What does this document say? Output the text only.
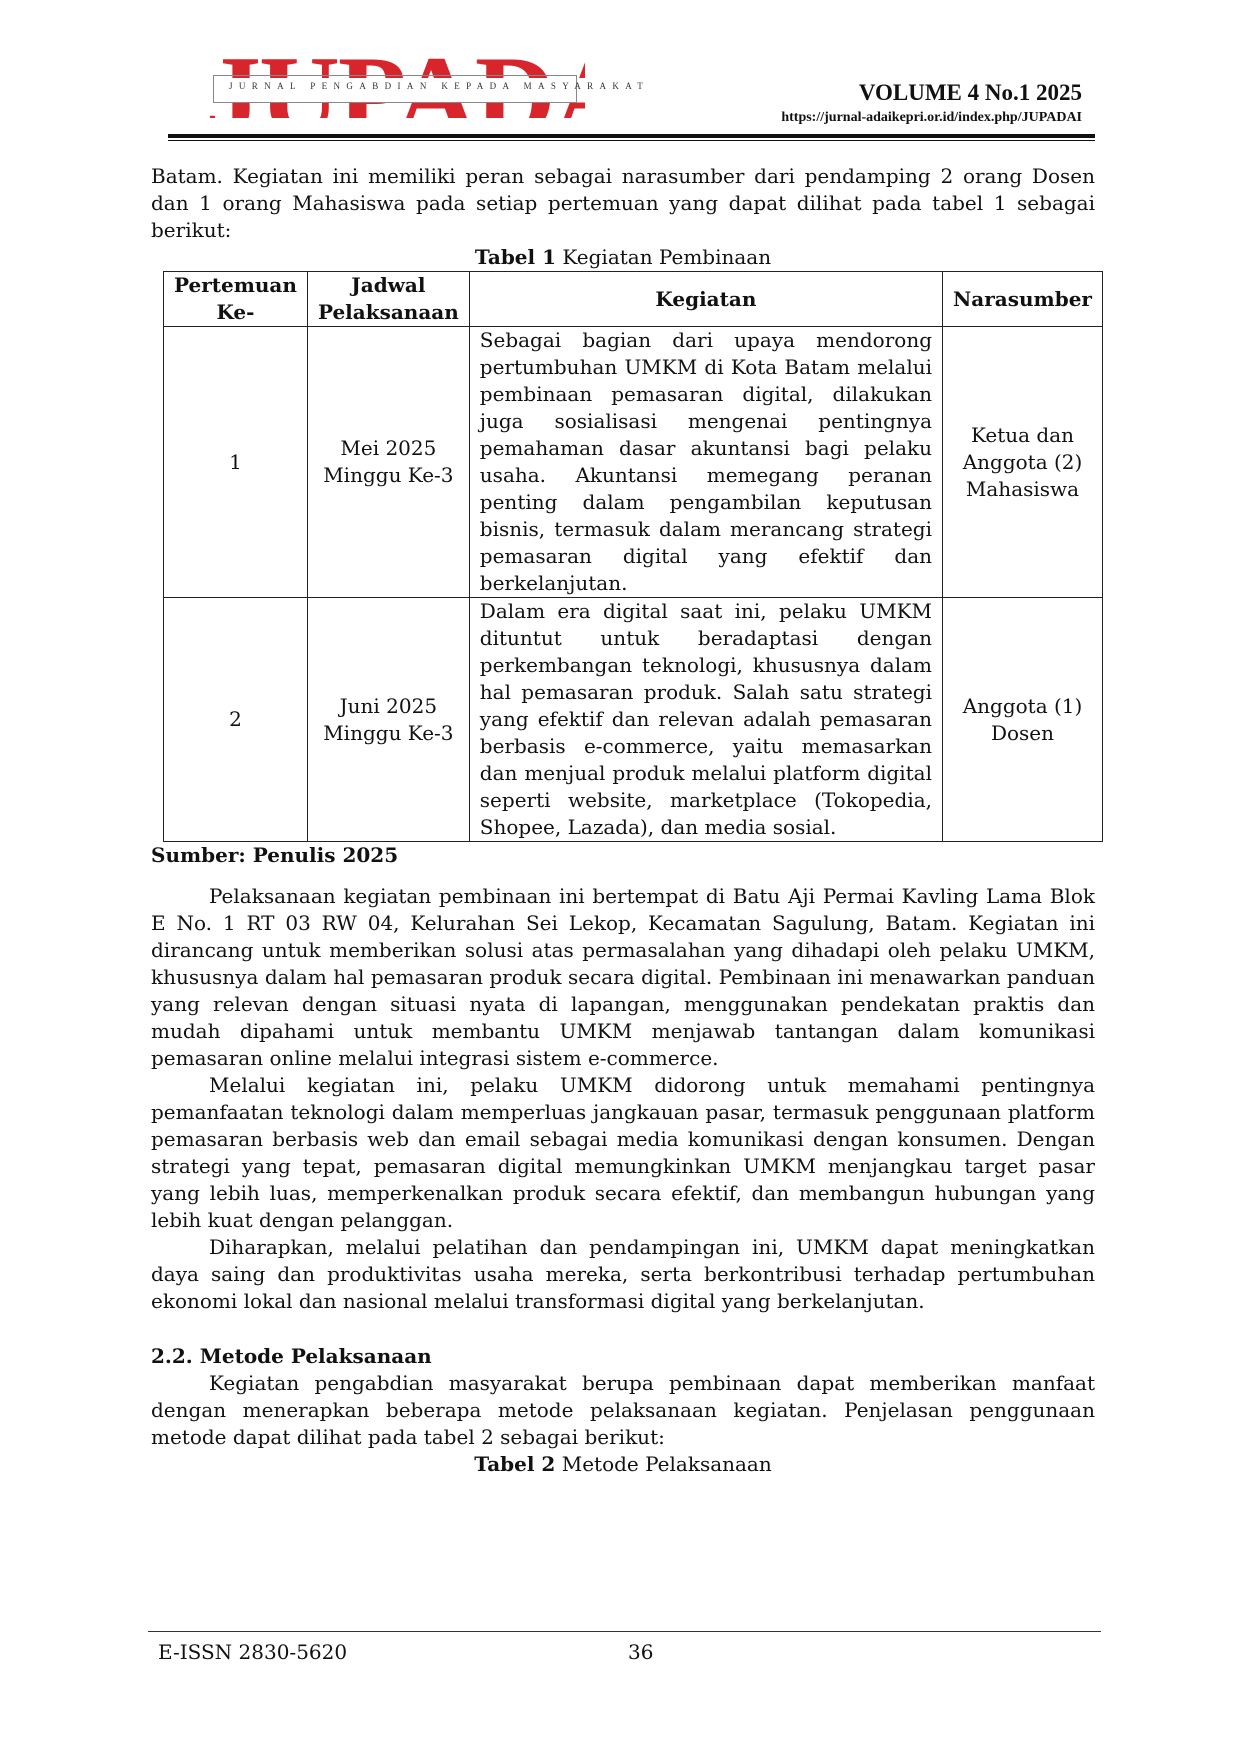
JURNAL PENGABDIAN KEPADA MASYARAKAT	VOLUME 4 No.1 2025
https://jurnal-adaikepri.or.id/index.php/JUPADAI

Batam. Kegiatan ini memiliki peran sebagai narasumber dari pendamping 2 orang Dosen dan 1 orang Mahasiswa pada setiap pertemuan yang dapat dilihat pada tabel 1 sebagai berikut:

Tabel 1 Kegiatan Pembinaan

Pertemuan Ke-	Jadwal Pelaksanaan	Kegiatan	Narasumber
1	Mei 2025 Minggu Ke-3	Sebagai bagian dari upaya mendorong pertumbuhan UMKM di Kota Batam melalui pembinaan pemasaran digital, dilakukan juga sosialisasi mengenai pentingnya pemahaman dasar akuntansi bagi pelaku usaha. Akuntansi memegang peranan penting dalam pengambilan keputusan bisnis, termasuk dalam merancang strategi pemasaran digital yang efektif dan berkelanjutan.	Ketua dan Anggota (2) Mahasiswa
2	Juni 2025 Minggu Ke-3	Dalam era digital saat ini, pelaku UMKM dituntut untuk beradaptasi dengan perkembangan teknologi, khususnya dalam hal pemasaran produk. Salah satu strategi yang efektif dan relevan adalah pemasaran berbasis e-commerce, yaitu memasarkan dan menjual produk melalui platform digital seperti website, marketplace (Tokopedia, Shopee, Lazada), dan media sosial.	Anggota (1) Dosen

Sumber: Penulis 2025

Pelaksanaan kegiatan pembinaan ini bertempat di Batu Aji Permai Kavling Lama Blok E No. 1 RT 03 RW 04, Kelurahan Sei Lekop, Kecamatan Sagulung, Batam. Kegiatan ini dirancang untuk memberikan solusi atas permasalahan yang dihadapi oleh pelaku UMKM, khususnya dalam hal pemasaran produk secara digital. Pembinaan ini menawarkan panduan yang relevan dengan situasi nyata di lapangan, menggunakan pendekatan praktis dan mudah dipahami untuk membantu UMKM menjawab tantangan dalam komunikasi pemasaran online melalui integrasi sistem e-commerce.

Melalui kegiatan ini, pelaku UMKM didorong untuk memahami pentingnya pemanfaatan teknologi dalam memperluas jangkauan pasar, termasuk penggunaan platform pemasaran berbasis web dan email sebagai media komunikasi dengan konsumen. Dengan strategi yang tepat, pemasaran digital memungkinkan UMKM menjangkau target pasar yang lebih luas, memperkenalkan produk secara efektif, dan membangun hubungan yang lebih kuat dengan pelanggan.

Diharapkan, melalui pelatihan dan pendampingan ini, UMKM dapat meningkatkan daya saing dan produktivitas usaha mereka, serta berkontribusi terhadap pertumbuhan ekonomi lokal dan nasional melalui transformasi digital yang berkelanjutan.

2.2. Metode Pelaksanaan

Kegiatan pengabdian masyarakat berupa pembinaan dapat memberikan manfaat dengan menerapkan beberapa metode pelaksanaan kegiatan. Penjelasan penggunaan metode dapat dilihat pada tabel 2 sebagai berikut:

Tabel 2 Metode Pelaksanaan

E-ISSN 2830-5620	36
